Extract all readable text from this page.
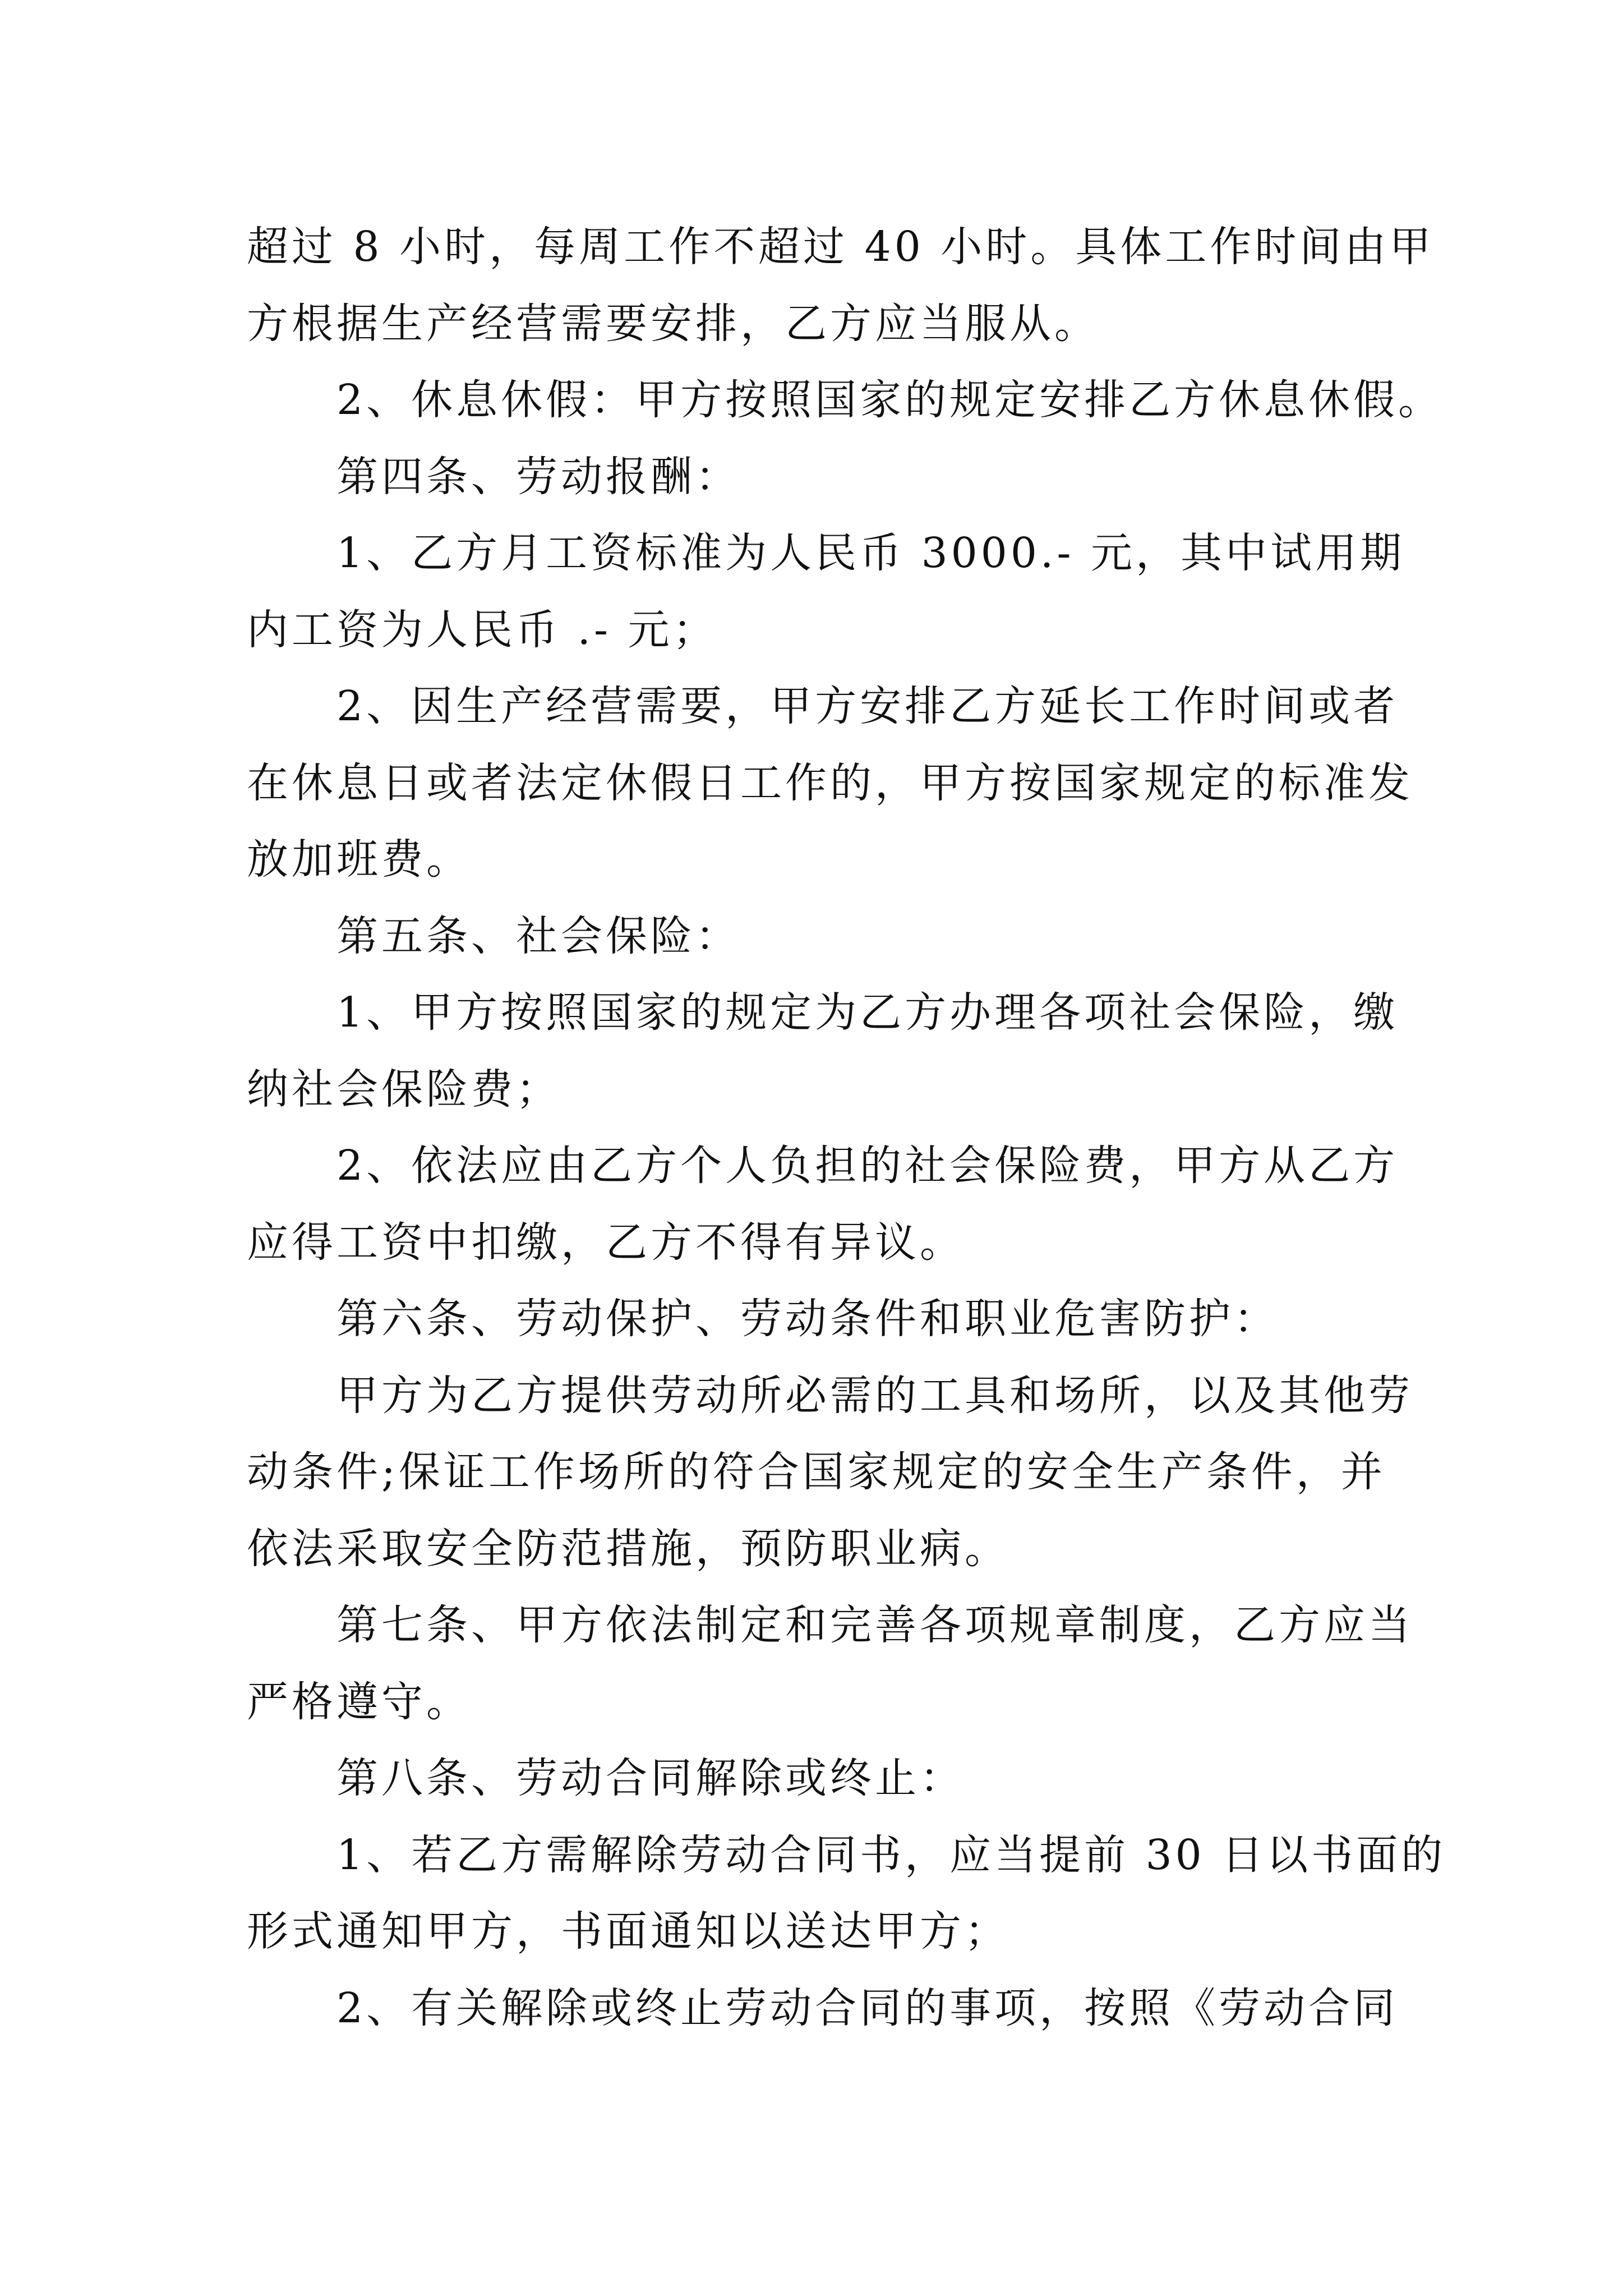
超过 8 小时，每周工作不超过 40 小时。具体工作时间由甲

方根据生产经营需要安排，乙方应当服从。

2、休息休假：甲方按照国家的规定安排乙方休息休假。

第四条、劳动报酬：

1、乙方月工资标准为人民币 3000.- 元，其中试用期

内工资为人民币 .- 元；

2、因生产经营需要，甲方安排乙方延长工作时间或者

在休息日或者法定休假日工作的，甲方按国家规定的标准发

放加班费。

第五条、社会保险：

1、甲方按照国家的规定为乙方办理各项社会保险，缴

纳社会保险费；

2、依法应由乙方个人负担的社会保险费，甲方从乙方

应得工资中扣缴，乙方不得有异议。

第六条、劳动保护、劳动条件和职业危害防护：

甲方为乙方提供劳动所必需的工具和场所，以及其他劳

动条件;保证工作场所的符合国家规定的安全生产条件，并

依法采取安全防范措施，预防职业病。

第七条、甲方依法制定和完善各项规章制度，乙方应当

严格遵守。

第八条、劳动合同解除或终止：

1、若乙方需解除劳动合同书，应当提前 30 日以书面的

形式通知甲方，书面通知以送达甲方；

2、有关解除或终止劳动合同的事项，按照《劳动合同
